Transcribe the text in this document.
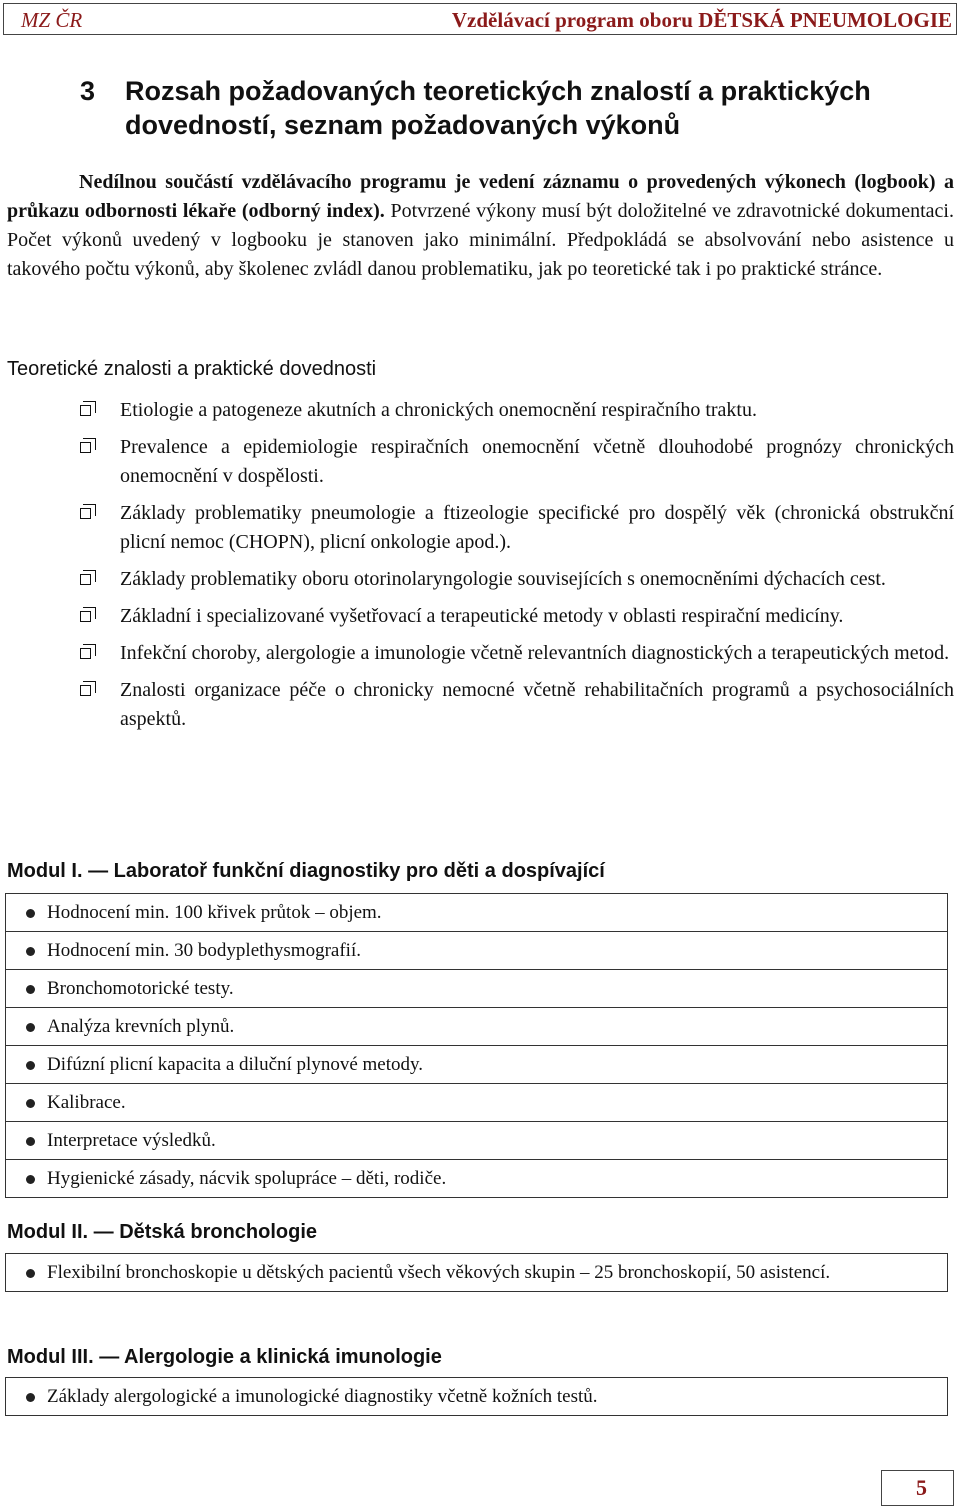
MZ ČR	Vzdělávací program oboru DĚTSKÁ PNEUMOLOGIE
3 Rozsah požadovaných teoretických znalostí a praktických dovedností, seznam požadovaných výkonů
Nedílnou součástí vzdělávacího programu je vedení záznamu o provedených výkonech (logbook) a průkazu odbornosti lékaře (odborný index). Potvrzené výkony musí být doložitelné ve zdravotnické dokumentaci. Počet výkonů uvedený v logbooku je stanoven jako minimální. Předpokládá se absolvování nebo asistence u takového počtu výkonů, aby školenec zvládl danou problematiku, jak po teoretické tak i po praktické stránce.
Teoretické znalosti a praktické dovednosti
Etiologie a patogeneze akutních a chronických onemocnění respiračního traktu.
Prevalence a epidemiologie respiračních onemocnění včetně dlouhodobé prognózy chronických onemocnění v dospělosti.
Základy problematiky pneumologie a ftizeologie specifické pro dospělý věk (chronická obstrukční plicní nemoc (CHOPN), plicní onkologie apod.).
Základy problematiky oboru otorinolaryngologie souvisejících s onemocněními dýchacích cest.
Základní i specializované vyšetřovací a terapeutické metody v oblasti respirační medicíny.
Infekční choroby, alergologie a imunologie včetně relevantních diagnostických a terapeutických metod.
Znalosti organizace péče o chronicky nemocné včetně rehabilitačních programů a psychosociálních aspektů.
Modul I. — Laboratoř funkční diagnostiky pro děti a dospívající
Hodnocení min. 100 křivek průtok – objem.
Hodnocení min. 30 bodyplethysmografií.
Bronchomotorické testy.
Analýza krevních plynů.
Difúzní plicní kapacita a diluční plynové metody.
Kalibrace.
Interpretace výsledků.
Hygienické zásady, nácvik spolupráce – děti, rodiče.
Modul II. — Dětská bronchologie
Flexibilní bronchoskopie u dětských pacientů všech věkových skupin – 25 bronchoskopií, 50 asistencí.
Modul III. — Alergologie a klinická imunologie
Základy alergologické a imunologické diagnostiky včetně kožních testů.
5
